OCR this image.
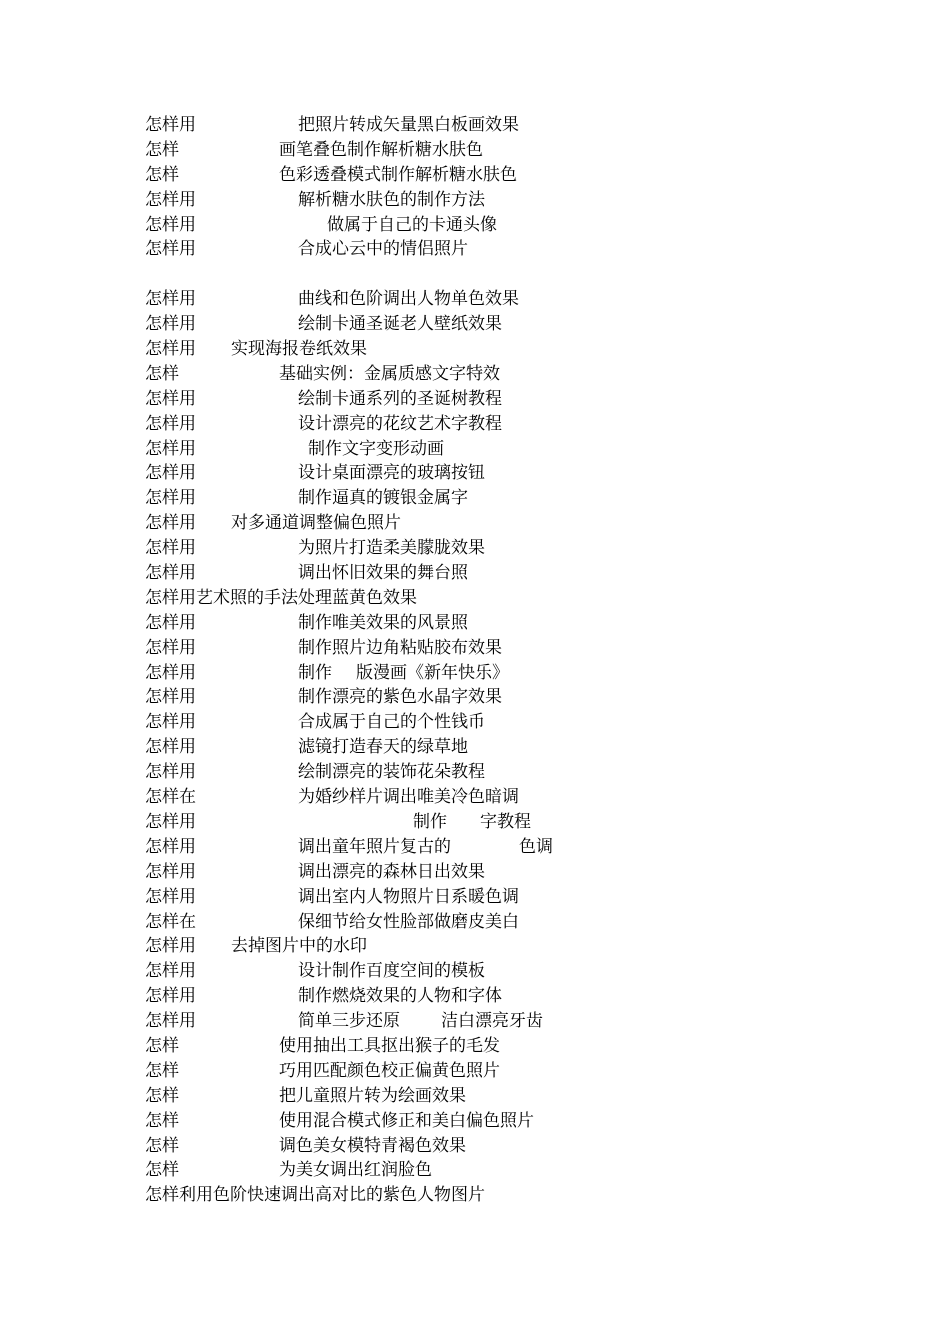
怎样用	把照片转成矢量黑白板画效果
怎样	画笔叠色制作解析糖水肤色
怎样	色彩透叠模式制作解析糖水肤色
怎样用	解析糖水肤色的制作方法
怎样用	做属于自己的卡通头像
怎样用	合成心云中的情侣照片
怎样用	曲线和色阶调出人物单色效果
怎样用	绘制卡通圣诞老人壁纸效果
怎样用 实现海报卷纸效果
怎样	基础实例：金属质感文字特效
怎样用	绘制卡通系列的圣诞树教程
怎样用	设计漂亮的花纹艺术字教程
怎样用	制作文字变形动画
怎样用	设计桌面漂亮的玻璃按钮
怎样用	制作逼真的镀银金属字
怎样用 对多通道调整偏色照片
怎样用	为照片打造柔美朦胧效果
怎样用	调出怀旧效果的舞台照
怎样用艺术照的手法处理蓝黄色效果
怎样用	制作唯美效果的风景照
怎样用	制作照片边角粘贴胶布效果
怎样用	制作 版漫画《新年快乐》
怎样用	制作漂亮的紫色水晶字效果
怎样用	合成属于自己的个性钱币
怎样用	滤镜打造春天的绿草地
怎样用	绘制漂亮的装饰花朵教程
怎样在	为婚纱样片调出唯美冷色暗调
怎样用	制作 字教程
怎样用	调出童年照片复古的	色调
怎样用	调出漂亮的森林日出效果
怎样用	调出室内人物照片日系暖色调
怎样在	保细节给女性脸部做磨皮美白
怎样用 去掉图片中的水印
怎样用	设计制作百度空间的模板
怎样用	制作燃烧效果的人物和字体
怎样用	简单三步还原 洁白漂亮牙齿
怎样	使用抽出工具抠出猴子的毛发
怎样	巧用匹配颜色校正偏黄色照片
怎样	把儿童照片转为绘画效果
怎样	使用混合模式修正和美白偏色照片
怎样	调色美女模特青褐色效果
怎样	为美女调出红润脸色
怎样利用色阶快速调出高对比的紫色人物图片
